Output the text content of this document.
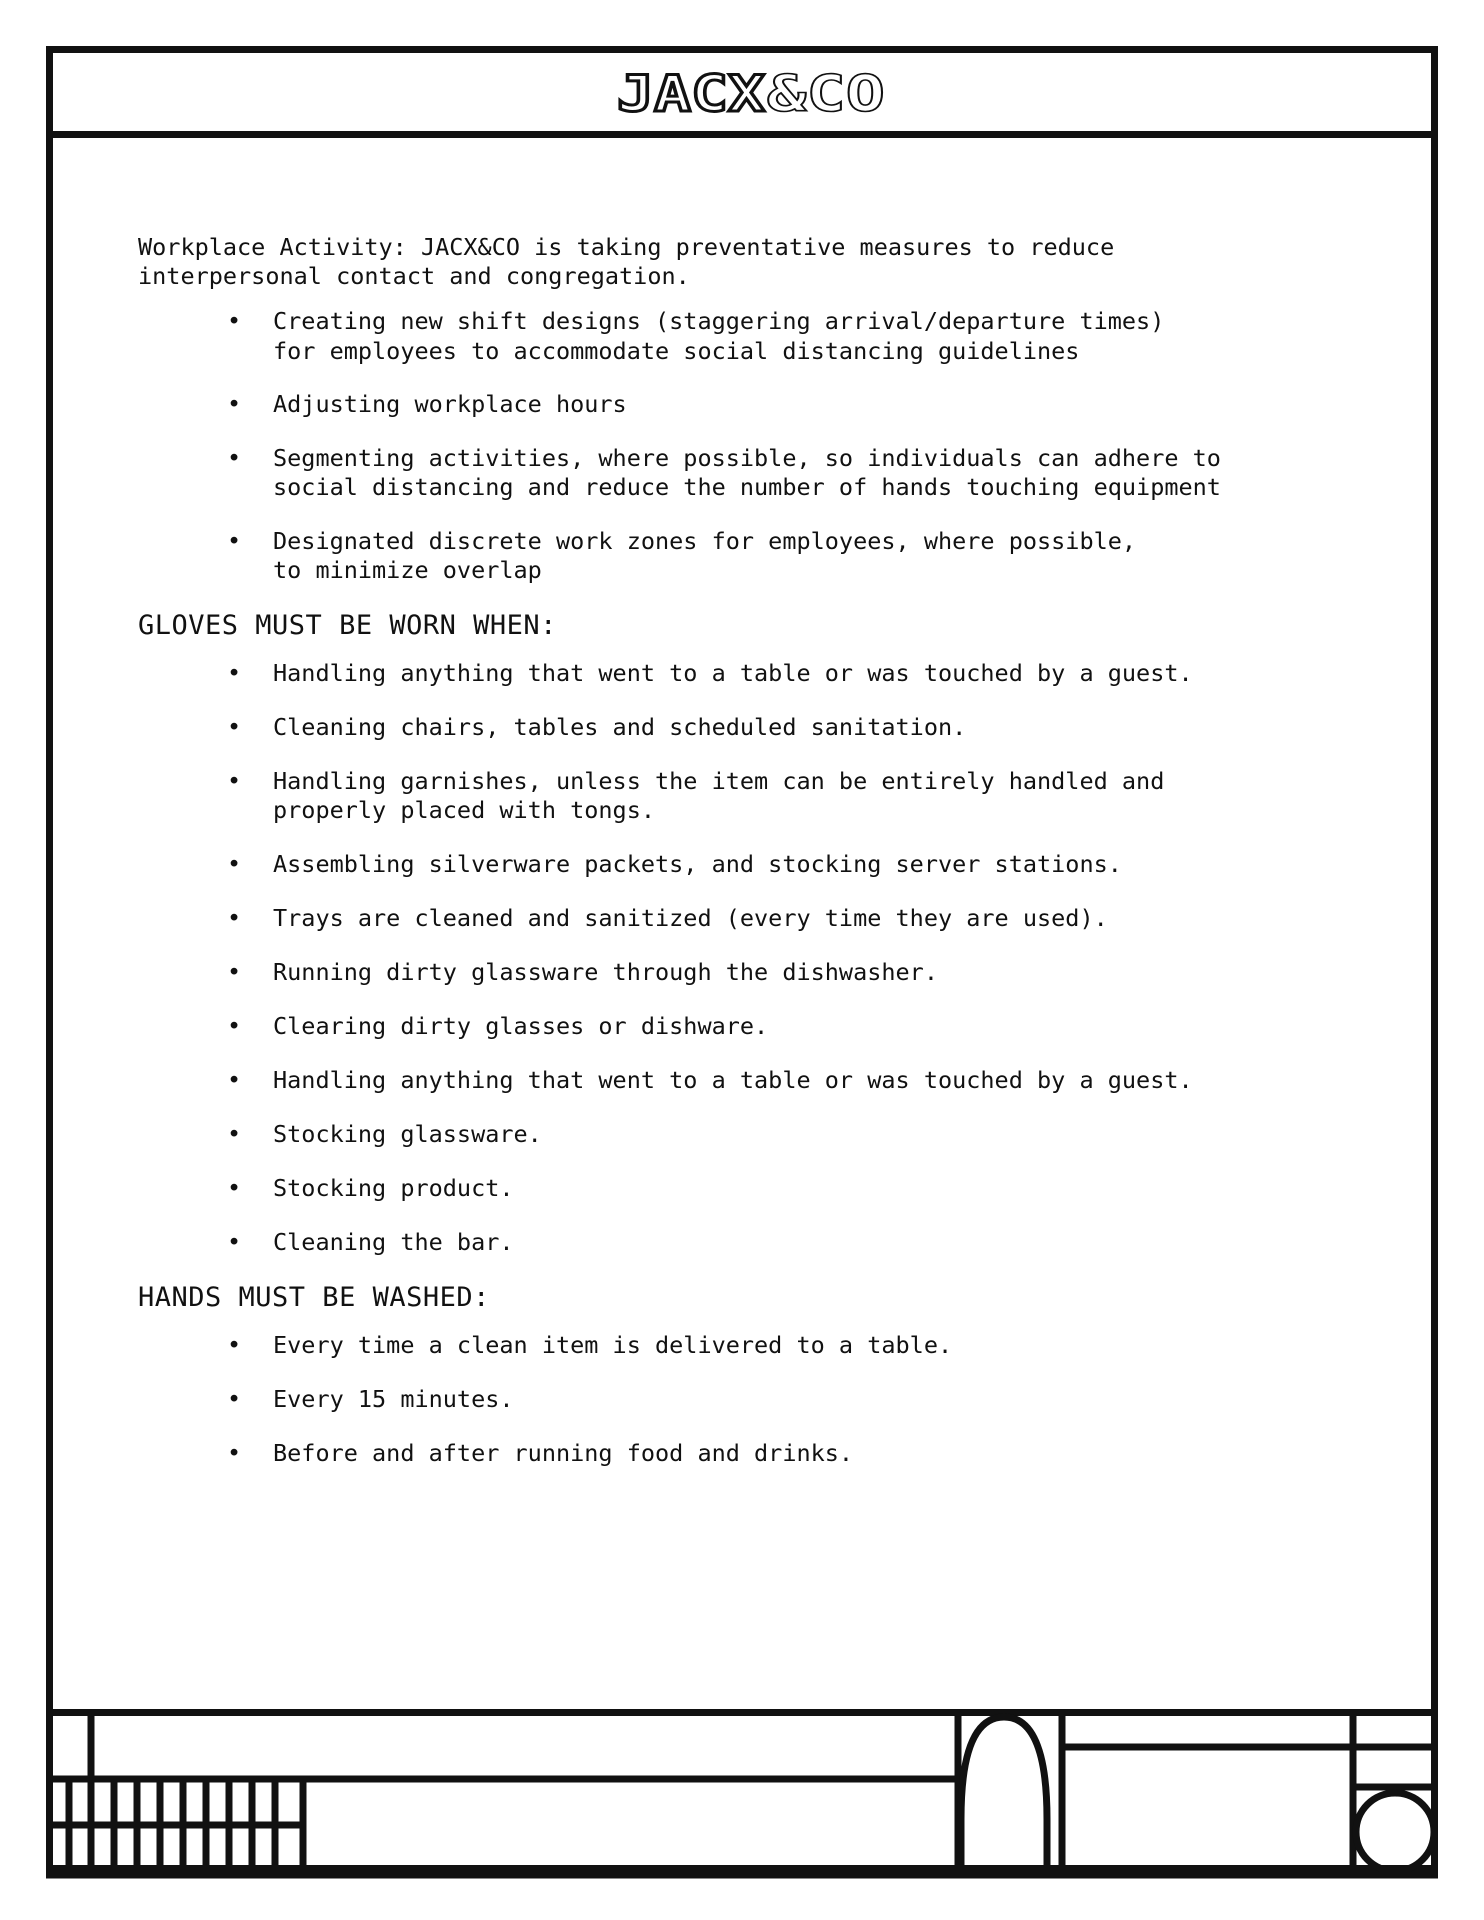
JACX &CO

Workplace Activity: JACX&CO is taking preventative measures to reduce
interpersonal contact and congregation.

• Creating new shift designs (staggering arrival/departure times)
for employees to accommodate social distancing guidelines
• Adjusting workplace hours
• Segmenting activities, where possible, so individuals can adhere to
social distancing and reduce the number of hands touching equipment
• Designated discrete work zones for employees, where possible,
to minimize overlap
GLOVES MUST BE WORN WHEN:
• Handling anything that went to a table or was touched by a guest.
• Cleaning chairs, tables and scheduled sanitation.
• Handling garnishes, unless the item can be entirely handled and
properly placed with tongs.
• Assembling silverware packets, and stocking server stations.
• Trays are cleaned and sanitized (every time they are used).
• Running dirty glassware through the dishwasher.
• Clearing dirty glasses or dishware.
• Handling anything that went to a table or was touched by a guest.
• Stocking glassware.
• Stocking product.
• Cleaning the bar.
HANDS MUST BE WASHED:
• Every time a clean item is delivered to a table.
• Every 15 minutes.
• Before and after running food and drinks.
